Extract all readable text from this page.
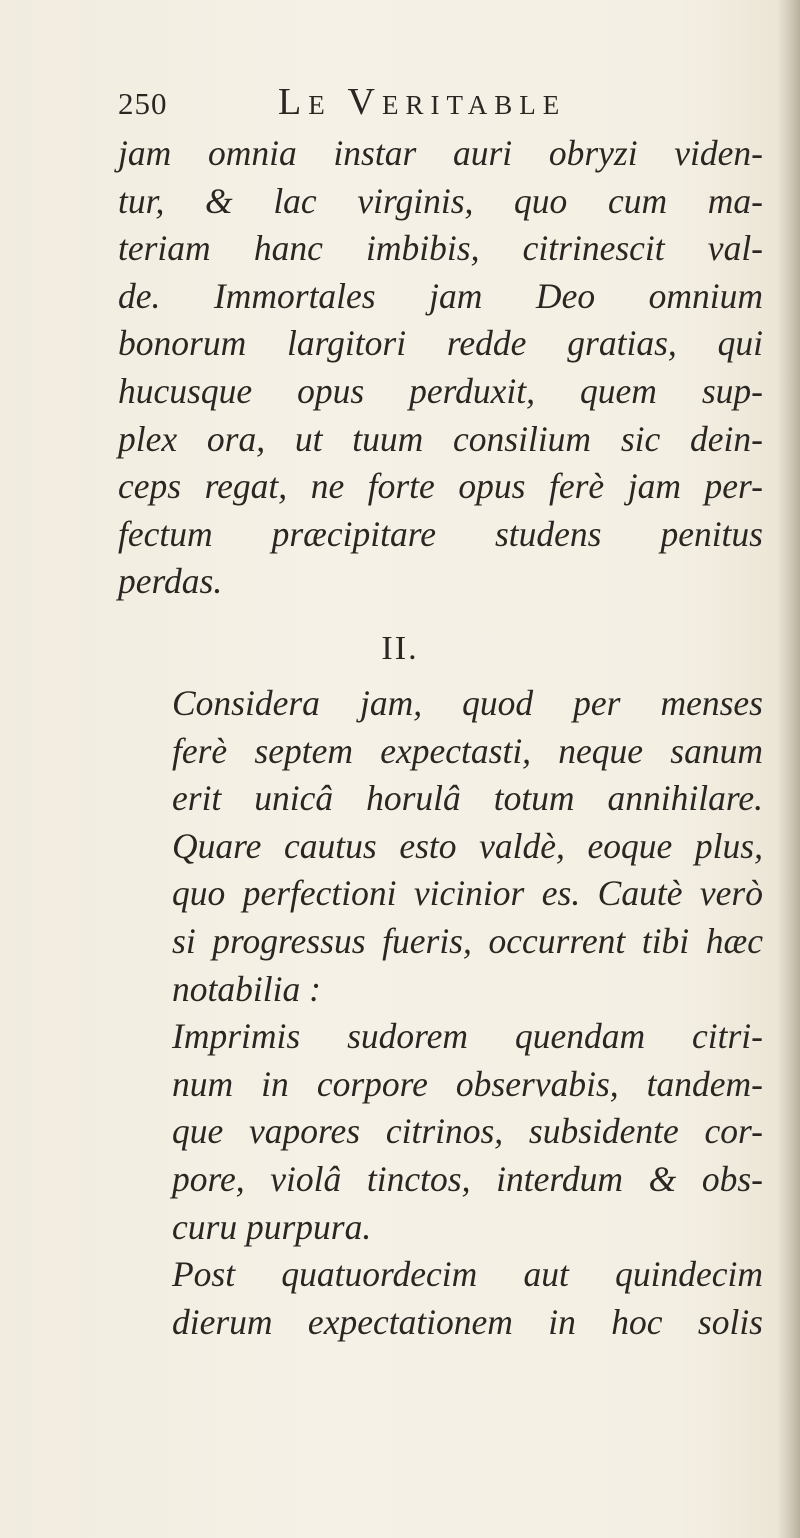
250	Le Veritable

jam omnia instar auri obryzi viden-
tur, & lac virginis, quo cum ma-
teriam hanc imbibis, citrinescit val-
de. Immortales jam Deo omnium
bonorum largitori redde gratias, qui
hucusque opus perduxit, quem sup-
plex ora, ut tuum consilium sic dein-
ceps regat, ne forte opus ferè jam per-
fectum præcipitare studens penitus
perdas.

II.

Considera jam, quod per menses
ferè septem expectasti, neque sanum
erit unicâ horulâ totum annihilare.
Quare cautus esto valdè, eoque plus,
quo perfectioni vicinior es. Cautè verò
si progressus fueris, occurrent tibi hæc
notabilia :

Imprimis sudorem quendam citri-
num in corpore observabis, tandem-
que vapores citrinos, subsidente cor-
pore, violâ tinctos, interdum & obs-
curu purpura.

Post quatuordecim aut quindecim
dierum expectationem in hoc solis
